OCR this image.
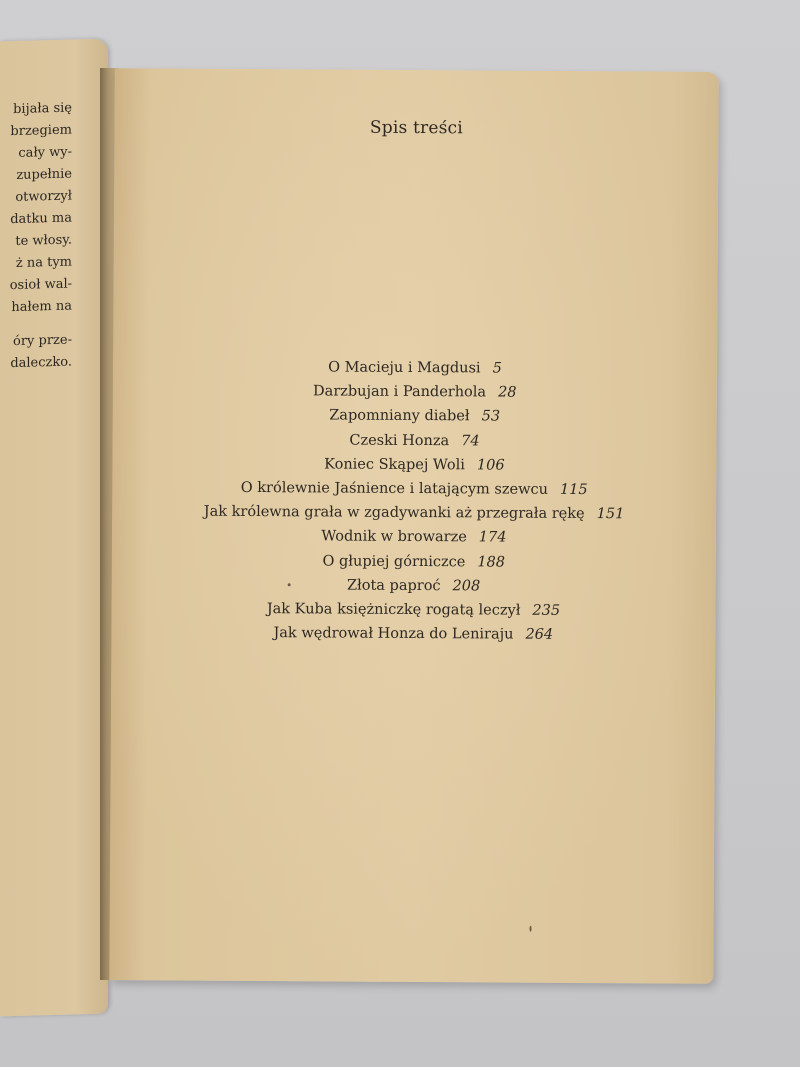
bijała się
brzegiem
cały wy-
zupełnie
otworzył
datku ma
te włosy.
ż na tym
osioł wal-
hałem na
óry prze-
daleczko.
Spis treści
O Macieju i Magdusi 5
Darzbujan i Panderhola 28
Zapomniany diabeł 53
Czeski Honza 74
Koniec Skąpej Woli 106
O królewnie Jaśnience i latającym szewcu 115
Jak królewna grała w zgadywanki aż przegrała rękę 151
Wodnik w browarze 174
O głupiej górniczce 188
Złota paproć 208
Jak Kuba księżniczkę rogatą leczył 235
Jak wędrował Honza do Leniraju 264
